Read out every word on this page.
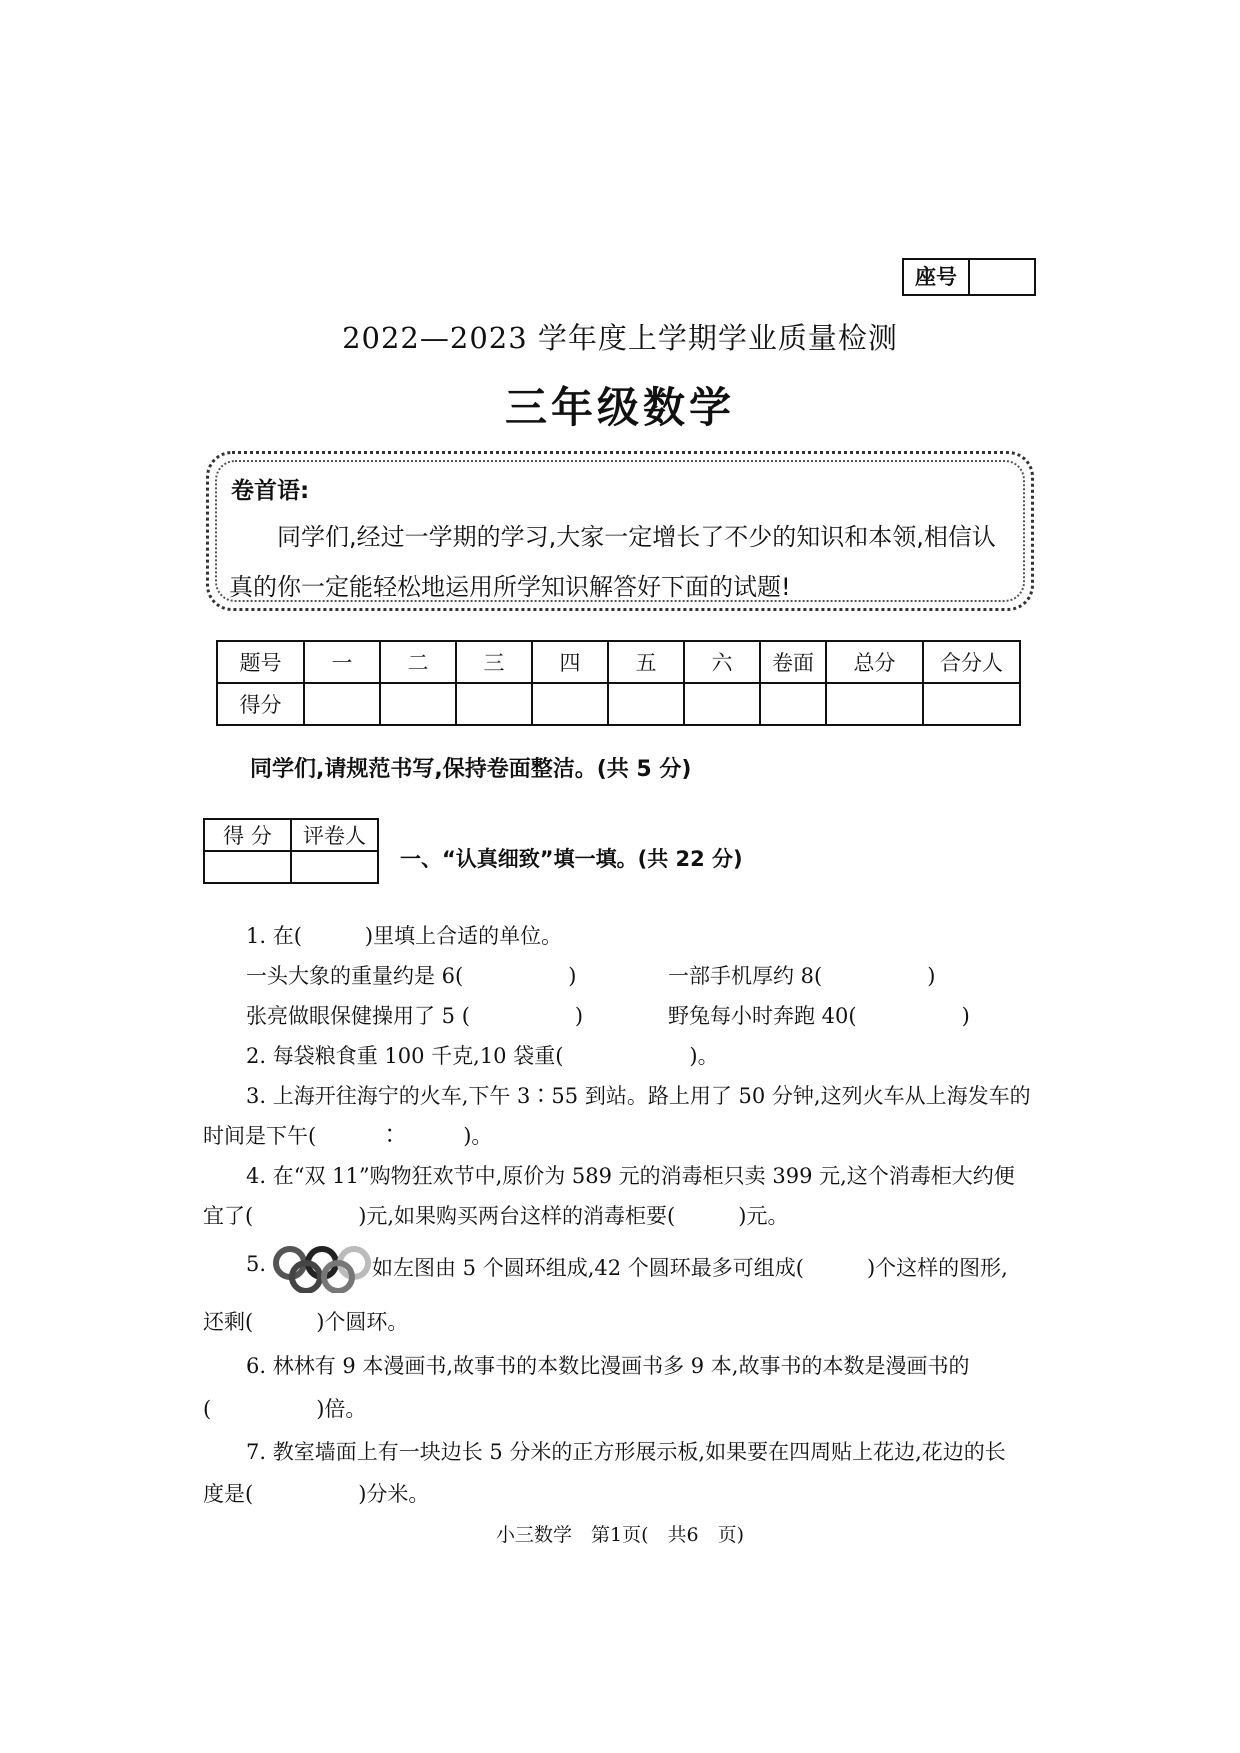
座号
2022—2023 学年度上学期学业质量检测
三年级数学
卷首语:
同学们,经过一学期的学习,大家一定增长了不少的知识和本领,相信认真的你一定能轻松地运用所学知识解答好下面的试题!
题号	一	二	三	四	五	六	卷面	总分	合分人
得分									
同学们,请规范书写,保持卷面整洁。(共 5 分)
得 分	评卷人

一、“认真细致”填一填。(共 22 分)
1. 在(　　　)里填上合适的单位。
一头大象的重量约是 6(　　　　　)	一部手机厚约 8(　　　　　)
张亮做眼保健操用了 5 (　　　　　)	野兔每小时奔跑 40(　　　　　)
2. 每袋粮食重 100 千克,10 袋重(　　　　　　)。
3. 上海开往海宁的火车,下午 3∶55 到站。路上用了 50 分钟,这列火车从上海发车的
时间是下午(　　　∶　　　)。
4. 在“双 11”购物狂欢节中,原价为 589 元的消毒柜只卖 399 元,这个消毒柜大约便
宜了(　　　　　)元,如果购买两台这样的消毒柜要(　　　)元。
5.	如左图由 5 个圆环组成,42 个圆环最多可组成(　　　)个这样的图形,
还剩(　　　)个圆环。
6. 林林有 9 本漫画书,故事书的本数比漫画书多 9 本,故事书的本数是漫画书的
(　　　　　)倍。
7. 教室墙面上有一块边长 5 分米的正方形展示板,如果要在四周贴上花边,花边的长
度是(　　　　　)分米。
小三数学　第1页(　共6　页)
